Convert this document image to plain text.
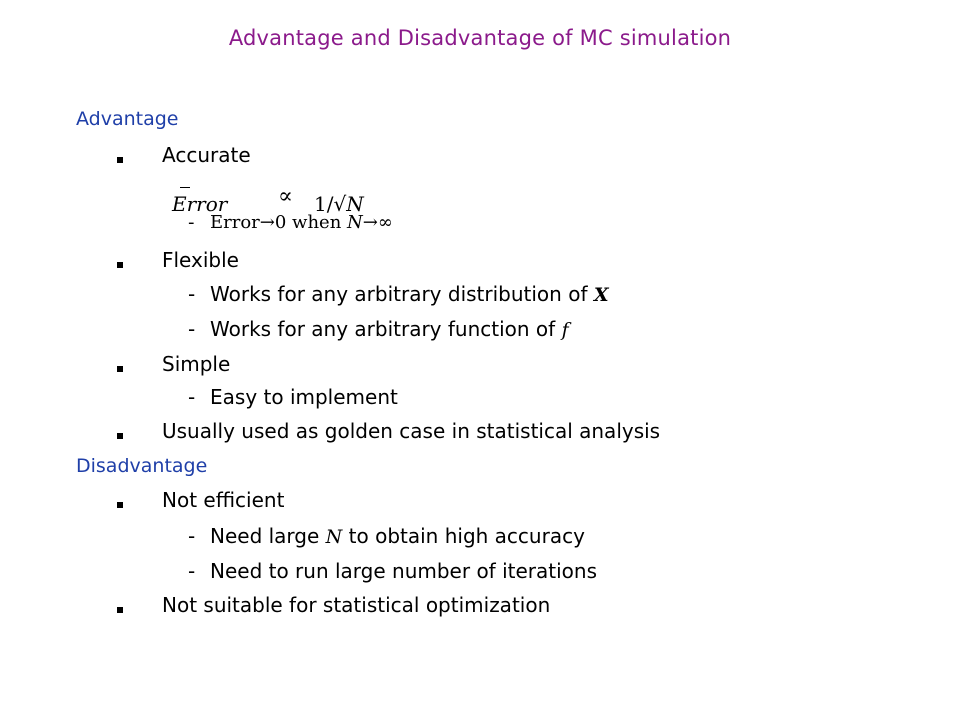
Advantage and Disadvantage of MC simulation
Advantage
Accurate
Error ∝ 1/√N
- Error→0 when N→∞
Flexible
- Works for any arbitrary distribution of X
- Works for any arbitrary function of f
Simple
- Easy to implement
Usually used as golden case in statistical analysis
Disadvantage
Not efficient
- Need large N to obtain high accuracy
- Need to run large number of iterations
Not suitable for statistical optimization
